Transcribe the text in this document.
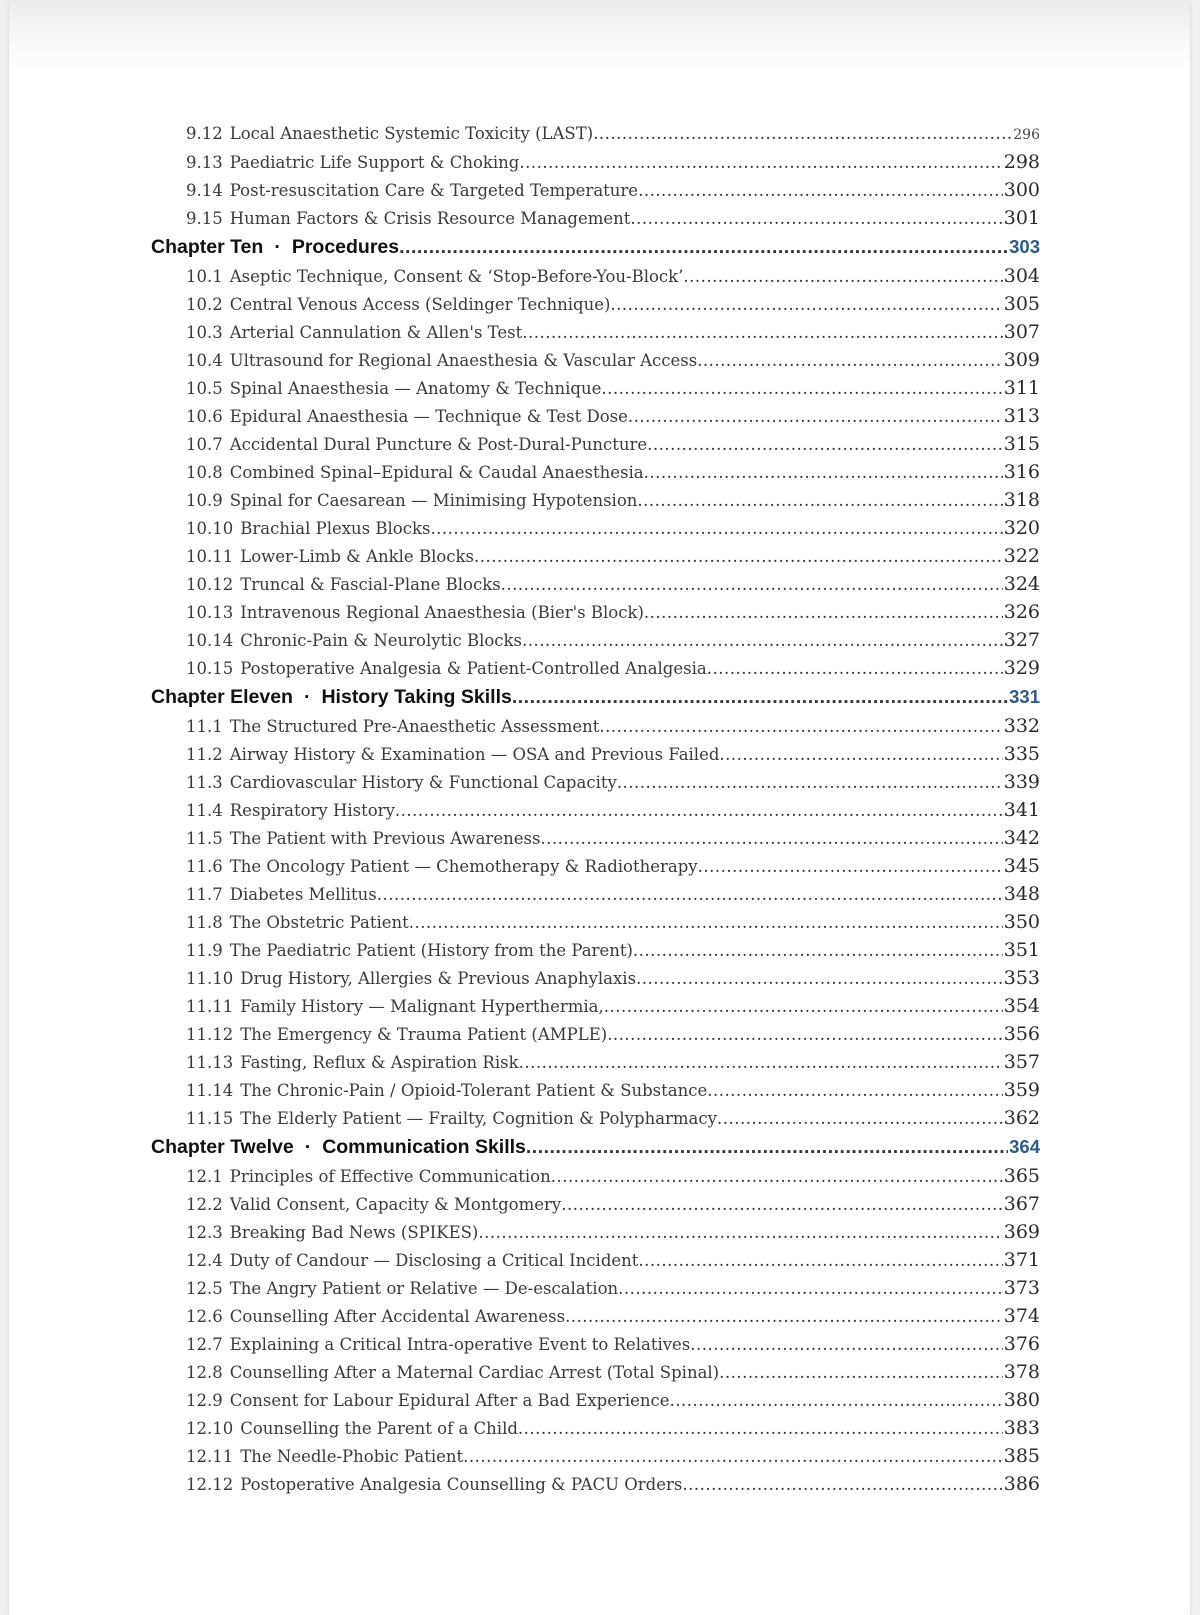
9.12 Local Anaesthetic Systemic Toxicity (LAST) .....	296
9.13 Paediatric Life Support & Choking .....	298
9.14 Post-resuscitation Care & Targeted Temperature .....	300
9.15 Human Factors & Crisis Resource Management .....	301
Chapter Ten · Procedures .....	303
10.1 Aseptic Technique, Consent & ‘Stop-Before-You-Block’ .....	304
10.2 Central Venous Access (Seldinger Technique) .....	305
10.3 Arterial Cannulation & Allen's Test .....	307
10.4 Ultrasound for Regional Anaesthesia & Vascular Access .....	309
10.5 Spinal Anaesthesia — Anatomy & Technique .....	311
10.6 Epidural Anaesthesia — Technique & Test Dose .....	313
10.7 Accidental Dural Puncture & Post-Dural-Puncture .....	315
10.8 Combined Spinal–Epidural & Caudal Anaesthesia .....	316
10.9 Spinal for Caesarean — Minimising Hypotension .....	318
10.10 Brachial Plexus Blocks .....	320
10.11 Lower-Limb & Ankle Blocks .....	322
10.12 Truncal & Fascial-Plane Blocks .....	324
10.13 Intravenous Regional Anaesthesia (Bier's Block) .....	326
10.14 Chronic-Pain & Neurolytic Blocks .....	327
10.15 Postoperative Analgesia & Patient-Controlled Analgesia .....	329
Chapter Eleven · History Taking Skills .....	331
11.1 The Structured Pre-Anaesthetic Assessment .....	332
11.2 Airway History & Examination — OSA and Previous Failed .....	335
11.3 Cardiovascular History & Functional Capacity .....	339
11.4 Respiratory History .....	341
11.5 The Patient with Previous Awareness .....	342
11.6 The Oncology Patient — Chemotherapy & Radiotherapy .....	345
11.7 Diabetes Mellitus .....	348
11.8 The Obstetric Patient .....	350
11.9 The Paediatric Patient (History from the Parent) .....	351
11.10 Drug History, Allergies & Previous Anaphylaxis .....	353
11.11 Family History — Malignant Hyperthermia, .....	354
11.12 The Emergency & Trauma Patient (AMPLE) .....	356
11.13 Fasting, Reflux & Aspiration Risk .....	357
11.14 The Chronic-Pain / Opioid-Tolerant Patient & Substance .....	359
11.15 The Elderly Patient — Frailty, Cognition & Polypharmacy .....	362
Chapter Twelve · Communication Skills .....	364
12.1 Principles of Effective Communication .....	365
12.2 Valid Consent, Capacity & Montgomery .....	367
12.3 Breaking Bad News (SPIKES) .....	369
12.4 Duty of Candour — Disclosing a Critical Incident .....	371
12.5 The Angry Patient or Relative — De-escalation .....	373
12.6 Counselling After Accidental Awareness .....	374
12.7 Explaining a Critical Intra-operative Event to Relatives .....	376
12.8 Counselling After a Maternal Cardiac Arrest (Total Spinal) .....	378
12.9 Consent for Labour Epidural After a Bad Experience .....	380
12.10 Counselling the Parent of a Child .....	383
12.11 The Needle-Phobic Patient .....	385
12.12 Postoperative Analgesia Counselling & PACU Orders .....	386
